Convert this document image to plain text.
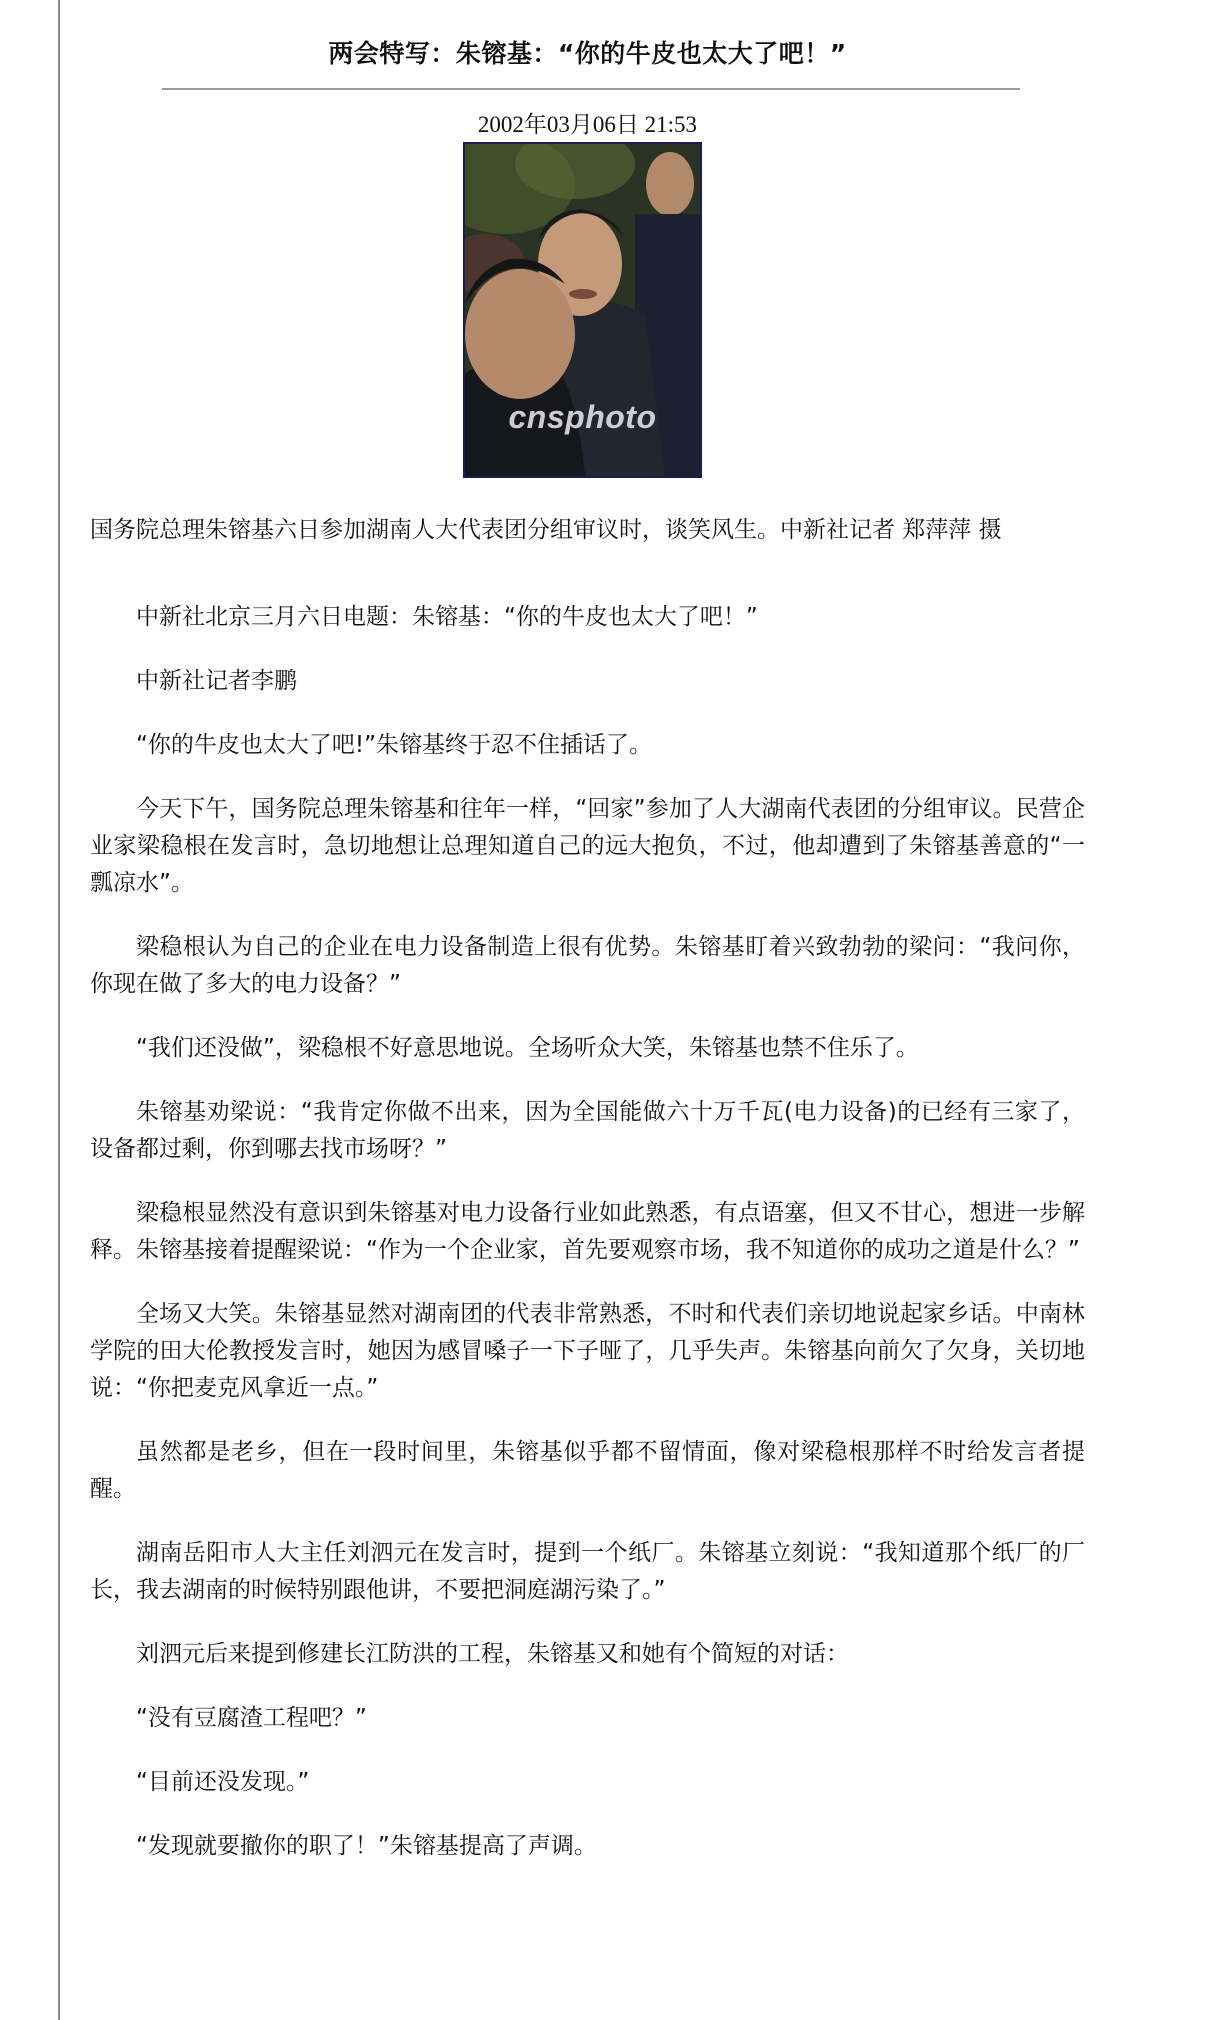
两会特写：朱镕基：“你的牛皮也太大了吧！”
2002年03月06日 21:53
cnsphoto
国务院总理朱镕基六日参加湖南人大代表团分组审议时，谈笑风生。中新社记者 郑萍萍 摄

中新社北京三月六日电题：朱镕基：“你的牛皮也太大了吧！”

中新社记者李鹏

“你的牛皮也太大了吧!”朱镕基终于忍不住插话了。

今天下午，国务院总理朱镕基和往年一样，“回家”参加了人大湖南代表团的分组审议。民营企业家梁稳根在发言时，急切地想让总理知道自己的远大抱负，不过，他却遭到了朱镕基善意的“一瓢凉水”。

梁稳根认为自己的企业在电力设备制造上很有优势。朱镕基盯着兴致勃勃的梁问：“我问你，你现在做了多大的电力设备？”

“我们还没做”，梁稳根不好意思地说。全场听众大笑，朱镕基也禁不住乐了。

朱镕基劝梁说：“我肯定你做不出来，因为全国能做六十万千瓦(电力设备)的已经有三家了，设备都过剩，你到哪去找市场呀？”

梁稳根显然没有意识到朱镕基对电力设备行业如此熟悉，有点语塞，但又不甘心，想进一步解释。朱镕基接着提醒梁说：“作为一个企业家，首先要观察市场，我不知道你的成功之道是什么？”

全场又大笑。朱镕基显然对湖南团的代表非常熟悉，不时和代表们亲切地说起家乡话。中南林学院的田大伦教授发言时，她因为感冒嗓子一下子哑了，几乎失声。朱镕基向前欠了欠身，关切地说：“你把麦克风拿近一点。”

虽然都是老乡，但在一段时间里，朱镕基似乎都不留情面，像对梁稳根那样不时给发言者提醒。

湖南岳阳市人大主任刘泗元在发言时，提到一个纸厂。朱镕基立刻说：“我知道那个纸厂的厂长，我去湖南的时候特别跟他讲，不要把洞庭湖污染了。”

刘泗元后来提到修建长江防洪的工程，朱镕基又和她有个简短的对话：

“没有豆腐渣工程吧？”

“目前还没发现。”

“发现就要撤你的职了！”朱镕基提高了声调。
